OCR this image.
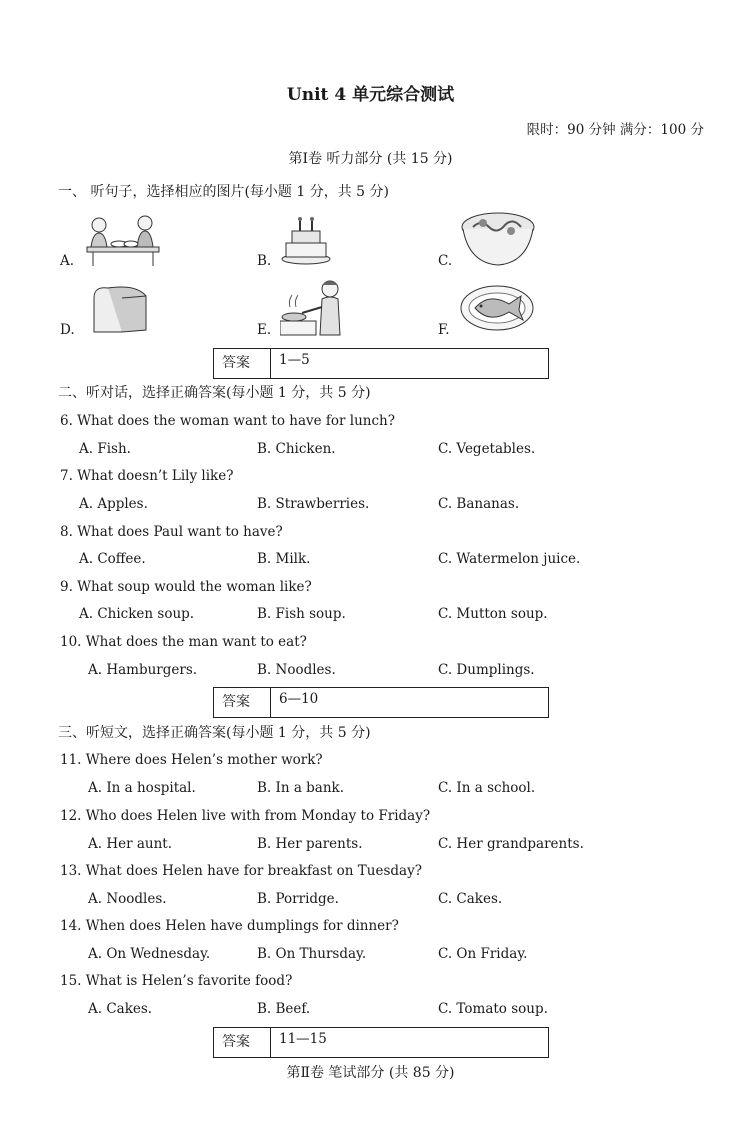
Unit 4 单元综合测试
限时：90 分钟 满分：100 分
第Ⅰ卷 听力部分 (共 15 分)
一、 听句子，选择相应的图片(每小题 1 分，共 5 分)
A.	B.	C.
D.	E.	F.
答案	1—5
二、听对话，选择正确答案(每小题 1 分，共 5 分)
6. What does the woman want to have for lunch?
A. Fish.	B. Chicken.	C. Vegetables.
7. What doesn’t Lily like?
A. Apples.	B. Strawberries.	C. Bananas.
8. What does Paul want to have?
A. Coffee.	B. Milk.	C. Watermelon juice.
9. What soup would the woman like?
A. Chicken soup.	B. Fish soup.	C. Mutton soup.
10. What does the man want to eat?
A. Hamburgers.	B. Noodles.	C. Dumplings.
答案	6—10
三、听短文，选择正确答案(每小题 1 分，共 5 分)
11. Where does Helen’s mother work?
A. In a hospital.	B. In a bank.	C. In a school.
12. Who does Helen live with from Monday to Friday?
A. Her aunt.	B. Her parents.	C. Her grandparents.
13. What does Helen have for breakfast on Tuesday?
A. Noodles.	B. Porridge.	C. Cakes.
14. When does Helen have dumplings for dinner?
A. On Wednesday.	B. On Thursday.	C. On Friday.
15. What is Helen’s favorite food?
A. Cakes.	B. Beef.	C. Tomato soup.
答案	11—15
第Ⅱ卷 笔试部分 (共 85 分)
